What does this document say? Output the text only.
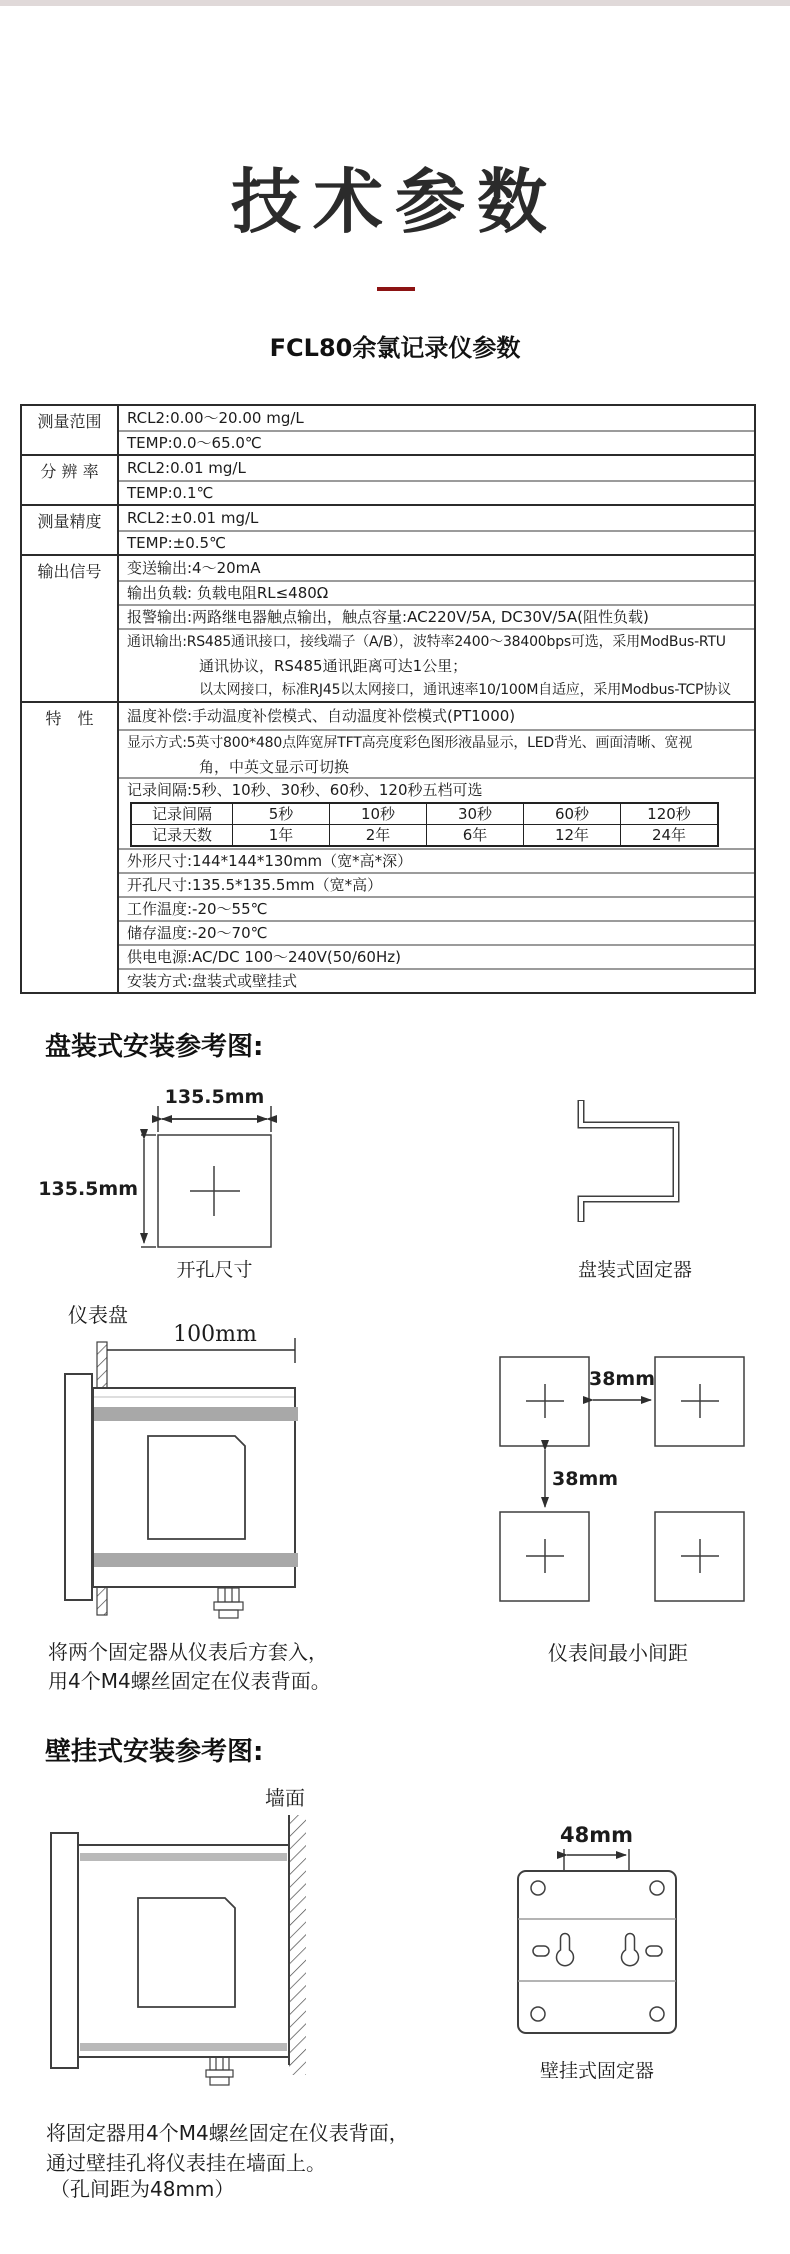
技术参数
FCL80余氯记录仪参数
测量范围	RCL2:0.00～20.00 mg/L
TEMP:0.0～65.0℃
分 辨 率	RCL2:0.01 mg/L
TEMP:0.1℃
测量精度	RCL2:±0.01 mg/L
TEMP:±0.5℃
输出信号	变送输出:4～20mA
输出负载: 负载电阻RL≤480Ω
报警输出:两路继电器触点输出，触点容量:AC220V/5A, DC30V/5A(阻性负载)
通讯输出:RS485通讯接口，接线端子（A/B），波特率2400～38400bps可选，采用ModBus-RTU
通讯协议，RS485通讯距离可达1公里；
以太网接口，标准RJ45以太网接口，通讯速率10/100M自适应，采用Modbus-TCP协议
特　性	温度补偿:手动温度补偿模式、自动温度补偿模式(PT1000)
显示方式:5英寸800*480点阵宽屏TFT高亮度彩色图形液晶显示，LED背光、画面清晰、宽视
角，中英文显示可切换
记录间隔:5秒、10秒、30秒、60秒、120秒五档可选
记录间隔	5秒	10秒	30秒	60秒	120秒
记录天数	1年	2年	6年	12年	24年
外形尺寸:144*144*130mm（宽*高*深）
开孔尺寸:135.5*135.5mm（宽*高）
工作温度:-20～55℃
储存温度:-20～70℃
供电电源:AC/DC 100～240V(50/60Hz)
安装方式:盘装式或壁挂式
盘装式安装参考图:
135.5mm
135.5mm
开孔尺寸	盘装式固定器
仪表盘
100mm
38mm
38mm
仪表间最小间距
将两个固定器从仪表后方套入，
用4个M4螺丝固定在仪表背面。
壁挂式安装参考图:
墙面
48mm
壁挂式固定器
将固定器用4个M4螺丝固定在仪表背面，
通过壁挂孔将仪表挂在墙面上。
（孔间距为48mm）
